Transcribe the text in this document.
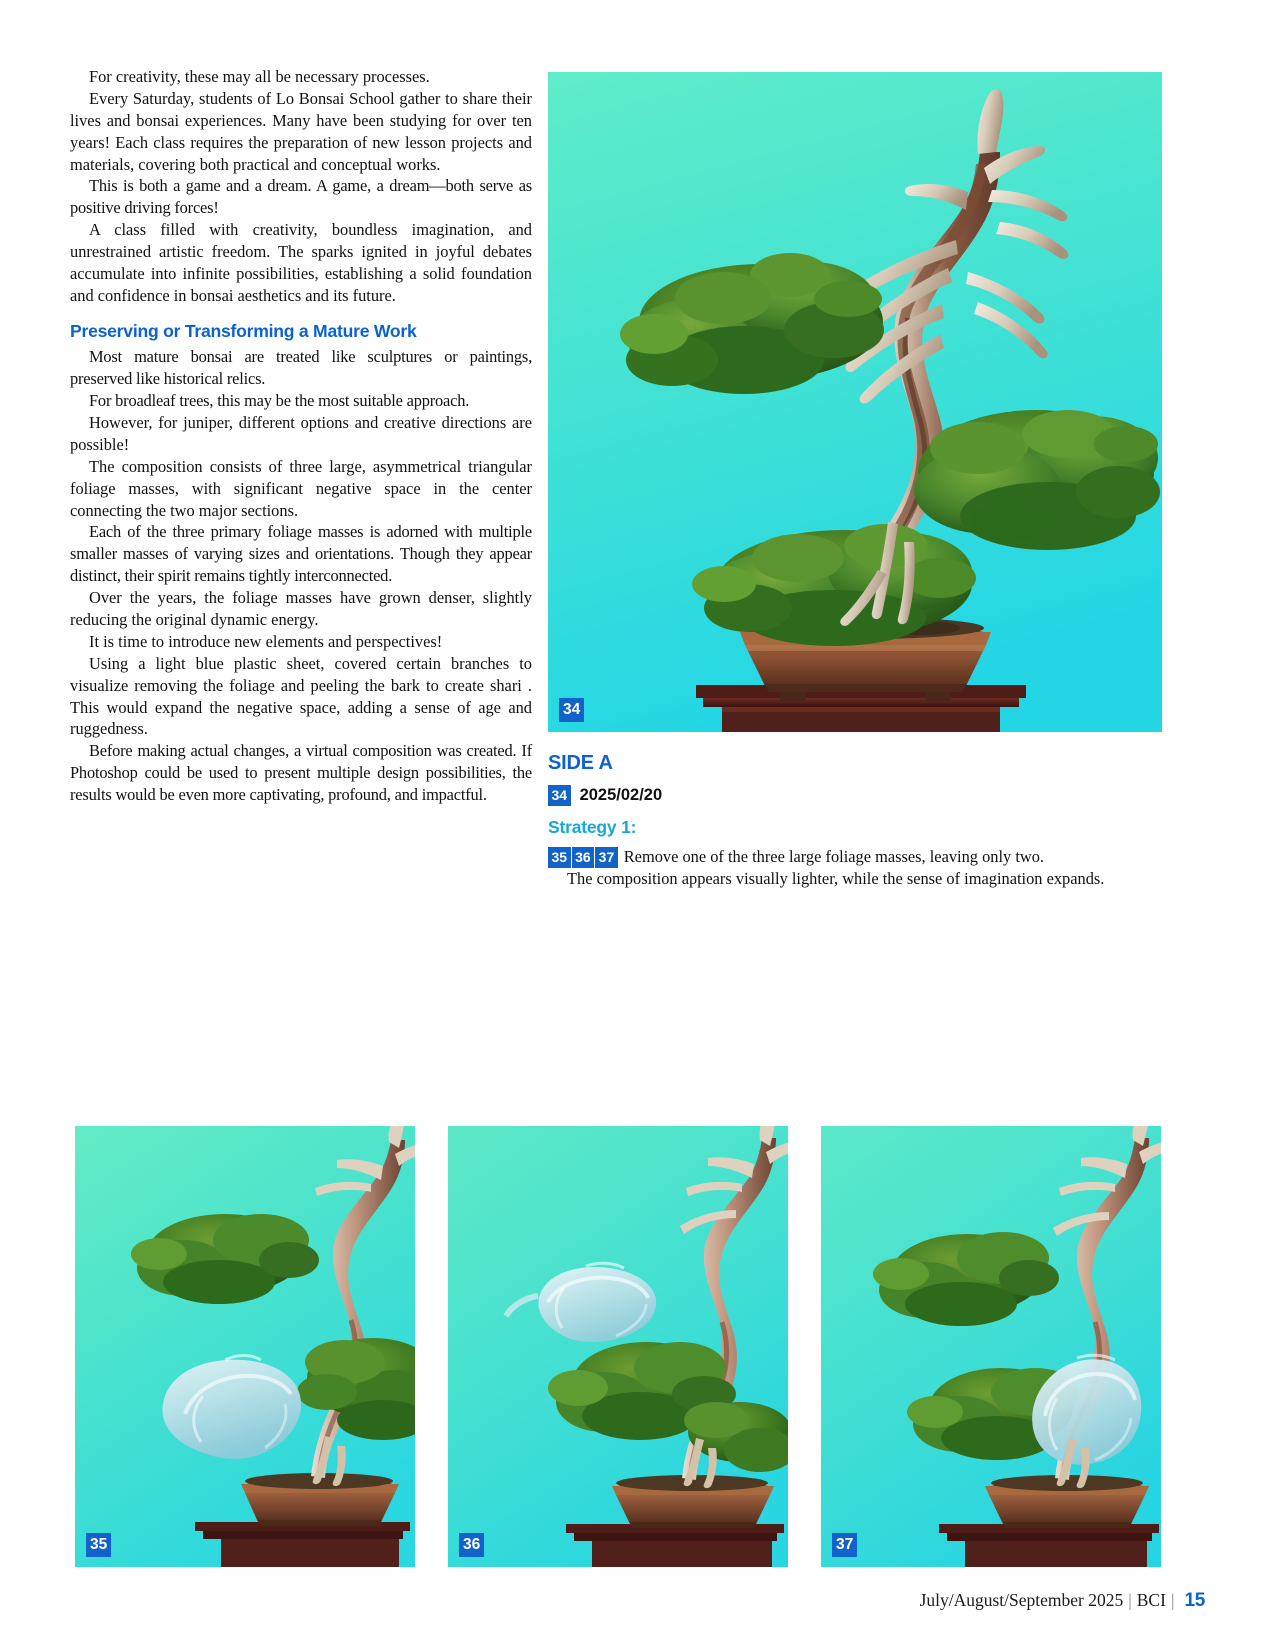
For creativity, these may all be necessary processes.

Every Saturday, students of Lo Bonsai School gather to share their lives and bonsai experiences. Many have been studying for over ten years! Each class requires the preparation of new lesson projects and materials, covering both practical and conceptual works.

This is both a game and a dream. A game, a dream—both serve as positive driving forces!

A class filled with creativity, boundless imagination, and unrestrained artistic freedom. The sparks ignited in joyful debates accumulate into infinite possibilities, establishing a solid foundation and confidence in bonsai aesthetics and its future.

Preserving or Transforming a Mature Work

Most mature bonsai are treated like sculptures or paintings, preserved like historical relics.

For broadleaf trees, this may be the most suitable approach.

However, for juniper, different options and creative directions are possible!

The composition consists of three large, asymmetrical triangular foliage masses, with significant negative space in the center connecting the two major sections.

Each of the three primary foliage masses is adorned with multiple smaller masses of varying sizes and orientations. Though they appear distinct, their spirit remains tightly interconnected.

Over the years, the foliage masses have grown denser, slightly reducing the original dynamic energy.

It is time to introduce new elements and perspectives!

Using a light blue plastic sheet, covered certain branches to visualize removing the foliage and peeling the bark to create shari . This would expand the negative space, adding a sense of age and ruggedness.

Before making actual changes, a virtual composition was created. If Photoshop could be used to present multiple design possibilities, the results would be even more captivating, profound, and impactful.

34
SIDE A
34 2025/02/20
Strategy 1:

35 36 37 Remove one of the three large foliage masses, leaving only two.
The composition appears visually lighter, while the sense of imagination expands.

35	36	37
July/August/September 2025 | BCI | 15
